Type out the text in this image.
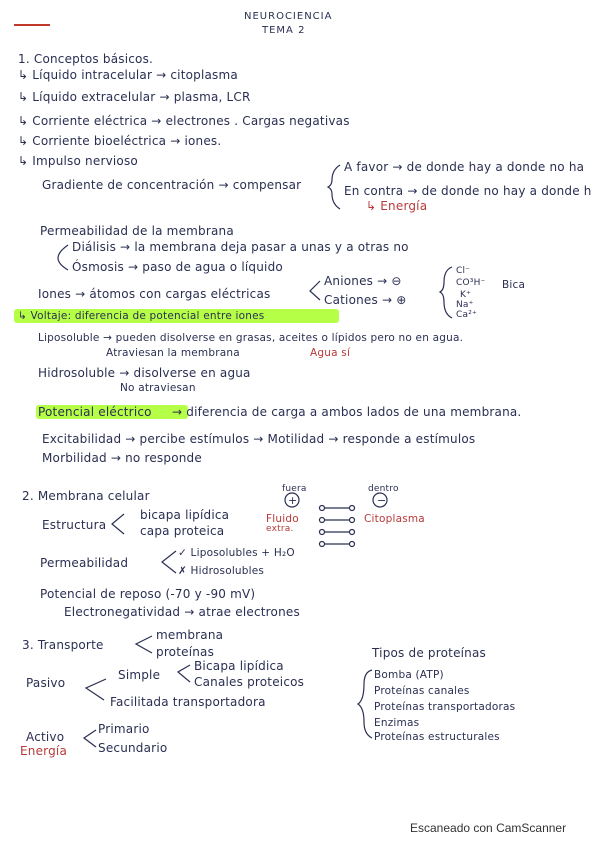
+	−
NEUROCIENCIA
TEMA 2
1. Conceptos básicos.
↳ Líquido intracelular → citoplasma
↳ Líquido extracelular → plasma, LCR
↳ Corriente eléctrica → electrones . Cargas negativas
↳ Corriente bioeléctrica → iones.
↳ Impulso nervioso
Gradiente de concentración → compensar
A favor → de donde hay a donde no ha
En contra → de donde no hay a donde h
↳ Energía
Permeabilidad de la membrana
Diálisis → la membrana deja pasar a unas y a otras no
Ósmosis → paso de agua o líquido
Iones → átomos con cargas eléctricas
Aniones → ⊖
Cationes → ⊕
Cl⁻
CO³H⁻
K⁺
Na⁺
Ca²⁺
Bica
↳ Voltaje: diferencia de potencial entre iones
Liposoluble → pueden disolverse en grasas, aceites o lípidos pero no en agua.
Atraviesan la membrana	Agua sí
Hidrosoluble → disolverse en agua
No atraviesan
Potencial eléctrico → diferencia de carga a ambos lados de una membrana.
Excitabilidad → percibe estímulos → Motilidad → responde a estímulos
Morbilidad → no responde
2. Membrana celular
Estructura
bicapa lipídica
capa proteica
fuera
Fluido
extra.
dentro
Citoplasma
Permeabilidad
✓ Liposolubles + H₂O
✗ Hidrosolubles
Potencial de reposo (-70 y -90 mV)
Electronegatividad → atrae electrones
3. Transporte
membrana
proteínas
Pasivo
Simple
Bicapa lipídica
Canales proteicos
Facilitada transportadora
Activo
Energía
Primario
Secundario
Tipos de proteínas
Bomba (ATP)
Proteínas canales
Proteínas transportadoras
Enzimas
Proteínas estructurales
Escaneado con CamScanner
